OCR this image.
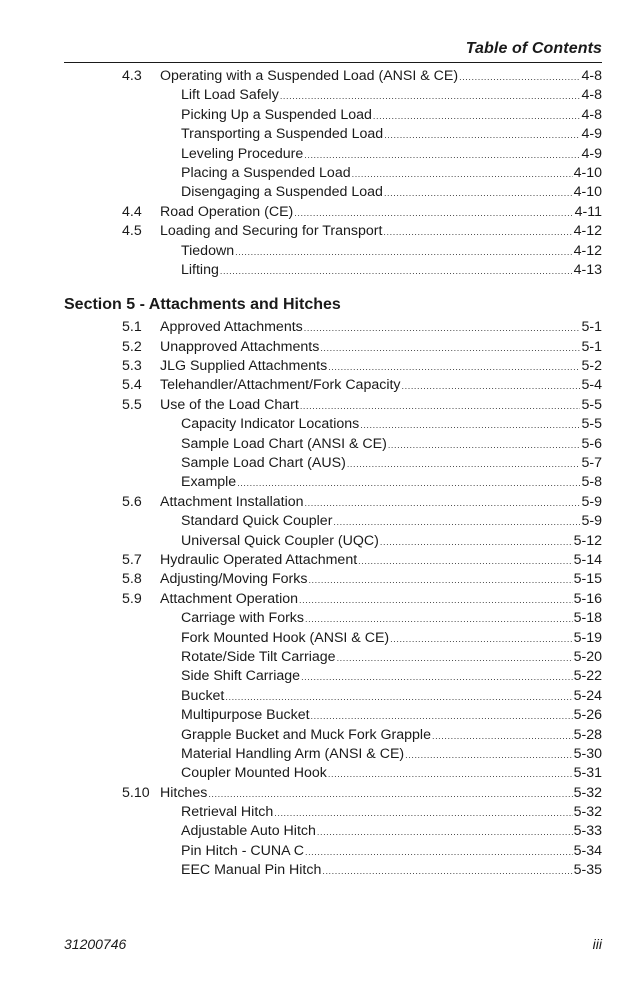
Table of Contents
4.3	Operating with a Suspended Load (ANSI & CE) .....	4-8
Lift Load Safely .....	4-8
Picking Up a Suspended Load .....	4-8
Transporting a Suspended Load .....	4-9
Leveling Procedure .....	4-9
Placing a Suspended Load .....	4-10
Disengaging a Suspended Load .....	4-10
4.4	Road Operation (CE) .....	4-11
4.5	Loading and Securing for Transport .....	4-12
Tiedown .....	4-12
Lifting .....	4-13
Section 5 - Attachments and Hitches
5.1	Approved Attachments .....	5-1
5.2	Unapproved Attachments .....	5-1
5.3	JLG Supplied Attachments .....	5-2
5.4	Telehandler/Attachment/Fork Capacity .....	5-4
5.5	Use of the Load Chart .....	5-5
Capacity Indicator Locations .....	5-5
Sample Load Chart (ANSI & CE) .....	5-6
Sample Load Chart (AUS) .....	5-7
Example .....	5-8
5.6	Attachment Installation .....	5-9
Standard Quick Coupler .....	5-9
Universal Quick Coupler (UQC) .....	5-12
5.7	Hydraulic Operated Attachment .....	5-14
5.8	Adjusting/Moving Forks .....	5-15
5.9	Attachment Operation .....	5-16
Carriage with Forks .....	5-18
Fork Mounted Hook (ANSI & CE) .....	5-19
Rotate/Side Tilt Carriage .....	5-20
Side Shift Carriage .....	5-22
Bucket .....	5-24
Multipurpose Bucket .....	5-26
Grapple Bucket and Muck Fork Grapple .....	5-28
Material Handling Arm (ANSI & CE) .....	5-30
Coupler Mounted Hook .....	5-31
5.10 Hitches .....	5-32
Retrieval Hitch .....	5-32
Adjustable Auto Hitch .....	5-33
Pin Hitch - CUNA C .....	5-34
EEC Manual Pin Hitch .....	5-35
31200746	iii
